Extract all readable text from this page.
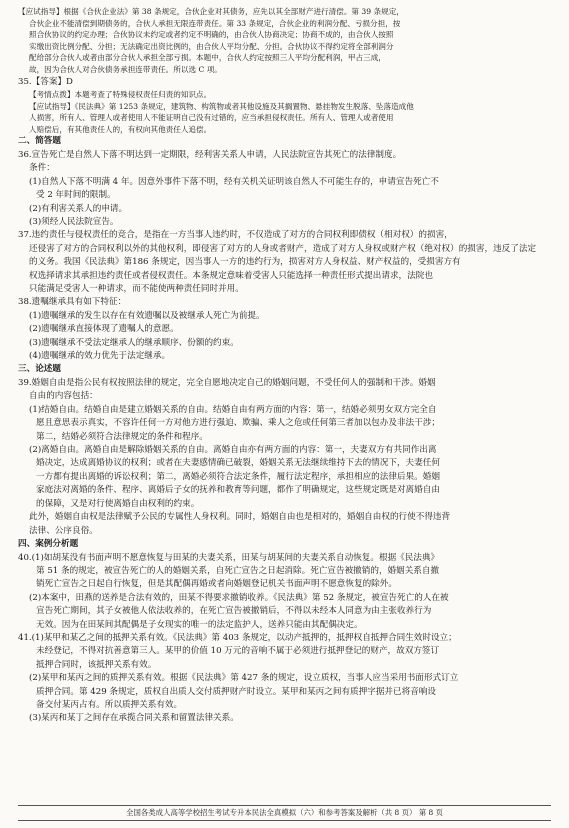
【应试指导】根据《合伙企业法》第 38 条规定，合伙企业对其债务，应先以其全部财产进行清偿。第 39 条规定，

合伙企业不能清偿到期债务的，合伙人承担无限连带责任。第 33 条规定，合伙企业的利润分配、亏损分担，按

照合伙协议的约定办理；合伙协议未约定或者约定不明确的，由合伙人协商决定；协商不成的，由合伙人按照

实缴出资比例分配、分担；无法确定出资比例的，由合伙人平均分配、分担。合伙协议不得约定将全部利润分

配给部分合伙人或者由部分合伙人承担全部亏损。本题中，合伙人约定按照三人平均分配利润，甲占三成，

故，因为合伙人对合伙债务承担连带责任。所以选 C 项。

35.【答案】D

【考情点拨】本题考查了特殊侵权责任归责的知识点。

【应试指导】《民法典》第 1253 条规定，建筑物、构筑物或者其他设施及其搁置物、悬挂物发生脱落、坠落造成他

人损害，所有人、管理人或者使用人不能证明自己没有过错的，应当承担侵权责任。所有人、管理人或者使用

人赔偿后，有其他责任人的，有权向其他责任人追偿。

二、简答题

36.宣告死亡是自然人下落不明达到一定期限，经利害关系人申请，人民法院宣告其死亡的法律制度。

条件：

(1)自然人下落不明满 4 年。因意外事件下落不明，经有关机关证明该自然人不可能生存的，申请宣告死亡不

受 2 年时间的限制。

(2)有利害关系人的申请。

(3)须经人民法院宣告。

37.违约责任与侵权责任的竞合，是指在一方当事人违约时，不仅造成了对方的合同权利即债权（相对权）的损害，

还侵害了对方的合同权利以外的其他权利，即侵害了对方的人身或者财产，造成了对方人身权或财产权（绝对权）的损害，违反了法定

的义务。我国《民法典》第186 条规定，因当事人一方的违约行为，损害对方人身权益、财产权益的，受损害方有

权选择请求其承担违约责任或者侵权责任。本条规定意味着受害人只能选择一种责任形式提出请求，法院也

只能满足受害人一种请求，而不能使两种责任同时并用。

38.遗嘱继承具有如下特征：

(1)遗嘱继承的发生以存在有效遗嘱以及被继承人死亡为前提。

(2)遗嘱继承直接体现了遗嘱人的意愿。

(3)遗嘱继承不受法定继承人的继承顺序、份额的约束。

(4)遗嘱继承的效力优先于法定继承。

三、论述题

39.婚姻自由是指公民有权按照法律的规定，完全自愿地决定自己的婚姻问题，不受任何人的强制和干涉。婚姻

自由的内容包括：

(1)结婚自由。结婚自由是建立婚姻关系的自由。结婚自由有两方面的内容：第一，结婚必须男女双方完全自

愿且意思表示真实，不容许任何一方对他方进行强迫、欺骗、乘人之危或任何第三者加以包办及非法干涉；

第二，结婚必须符合法律规定的条件和程序。

(2)离婚自由。离婚自由是解除婚姻关系的自由。离婚自由亦有两方面的内容：第一，夫妻双方有共同作出离

婚决定，达成离婚协议的权利；或者在夫妻感情确已破裂，婚姻关系无法继续维持下去的情况下，夫妻任何

一方都有提出离婚的诉讼权利；第二，离婚必须符合法定条件，履行法定程序，承担相应的法律后果。婚姻

家庭法对离婚的条件、程序、离婚后子女的抚养和教育等问题，都作了明确规定，这些规定既是对离婚自由

的保障，又是对行使离婚自由权利的约束。

此外，婚姻自由权是法律赋予公民的专属性人身权利。同时，婚姻自由也是相对的，婚姻自由权的行使不得违背

法律、公序良俗。

四、案例分析题

40.(1)如胡某没有书面声明不愿意恢复与田某的夫妻关系，田某与胡某间的夫妻关系自动恢复。根据《民法典》

第 51 条的规定，被宣告死亡的人的婚姻关系，自死亡宣告之日起消除。死亡宣告被撤销的，婚姻关系自撤

销死亡宣告之日起自行恢复，但是其配偶再婚或者向婚姻登记机关书面声明不愿意恢复的除外。

(2)本案中，田燕的送养是合法有效的，田某不得要求撤销收养。《民法典》第 52 条规定，被宣告死亡的人在被

宣告死亡期间，其子女被他人依法收养的，在死亡宣告被撤销后，不得以未经本人同意为由主张收养行为

无效。因为在田某间其配偶是子女现实的唯一的法定监护人，送养只能由其配偶决定。

41.(1)某甲和某乙之间的抵押关系有效。《民法典》第 403 条规定，以动产抵押的，抵押权自抵押合同生效时设立；

未经登记，不得对抗善意第三人。某甲的价值 10 万元的音响不属于必须进行抵押登记的财产，故双方签订

抵押合同时，该抵押关系有效。

(2)某甲和某丙之间的质押关系有效。根据《民法典》第 427 条的规定，设立质权，当事人应当采用书面形式订立

质押合同。第 429 条规定，质权自出质人交付质押财产时设立。某甲和某丙之间有质押字据并已将音响设

备交付某丙占有。所以质押关系有效。

(3)某丙和某丁之间存在承揽合同关系和留置法律关系。

全国各类成人高等学校招生考试专升本民法全真模拟（六）和参考答案及解析（共 8 页） 第 8 页
